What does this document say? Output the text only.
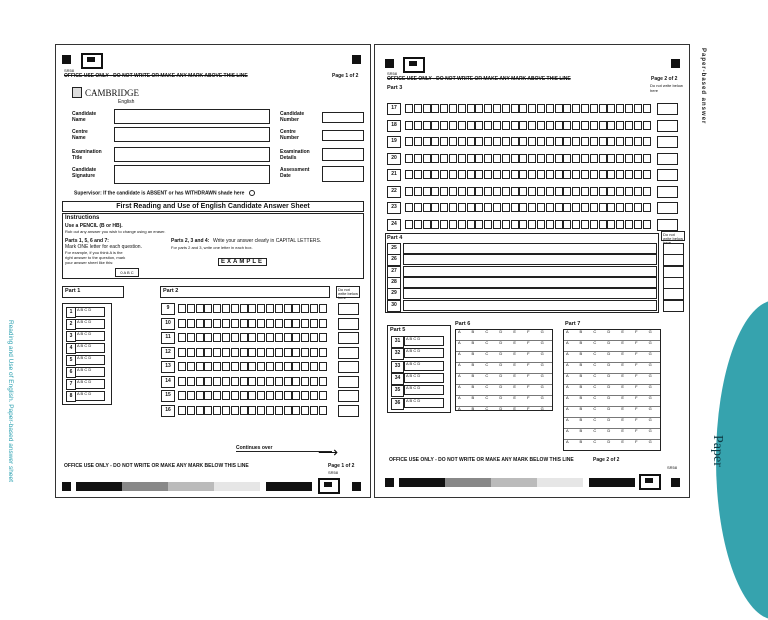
Reading and Use of English. Paper-based answer sheet	Paper
Paper-based answer
SR58
OFFICE USE ONLY - DO NOT WRITE OR MAKE ANY MARK ABOVE THIS LINE	Page 1 of 2
CAMBRIDGE
English
Candidate Name
Centre Name
Examination Title
Candidate Signature
Candidate Number
Centre Number
Examination Details
Assessment Date
Supervisor: If the candidate is ABSENT or has WITHDRAWN shade here
First Reading and Use of English Candidate Answer Sheet
Instructions
Use a PENCIL (B or HB).
Rub out any answer you wish to change using an eraser.
Parts 1, 5, 6 and 7:
Mark ONE letter for each question.
For example, if you think A is the right answer to the question, mark your answer sheet like this:
0 A B C
Parts 2, 3 and 4: Write your answer clearly in CAPITAL LETTERS.
For parts 2 and 3, write one letter in each box.
EXAMPLE
Part 1
1	A B C D
2	A B C D
3	A B C D
4	A B C D
5	A B C D
6	A B C D
7	A B C D
8	A B C D
Part 2	Do not write below here
9
10
11
12
13
14
15
16
Continues over	⟶
OFFICE USE ONLY - DO NOT WRITE OR MAKE ANY MARK BELOW THIS LINE	Page 1 of 2
SR58
SR58
OFFICE USE ONLY - DO NOT WRITE OR MAKE ANY MARK ABOVE THIS LINE	Page 2 of 2
Do not write below here
Part 3
17
18
19
20
21
22
23
24
Part 4
Do not write below
25
26
27
28
29
30
Part 5
31	A B C D
32	A B C D
33	A B C D
34	A B C D
35	A B C D
36	A B C D
Part 6
A B C D E F G
A B C D E F G
A B C D E F G
A B C D E F G
A B C D E F G
A B C D E F G
A B C D E F G
A B C D E F G
Part 7
A B C D E F G
A B C D E F G
A B C D E F G
A B C D E F G
A B C D E F G
A B C D E F G
A B C D E F G
A B C D E F G
A B C D E F G
A B C D E F G
A B C D E F G
OFFICE USE ONLY - DO NOT WRITE OR MAKE ANY MARK BELOW THIS LINE	Page 2 of 2
SR58
